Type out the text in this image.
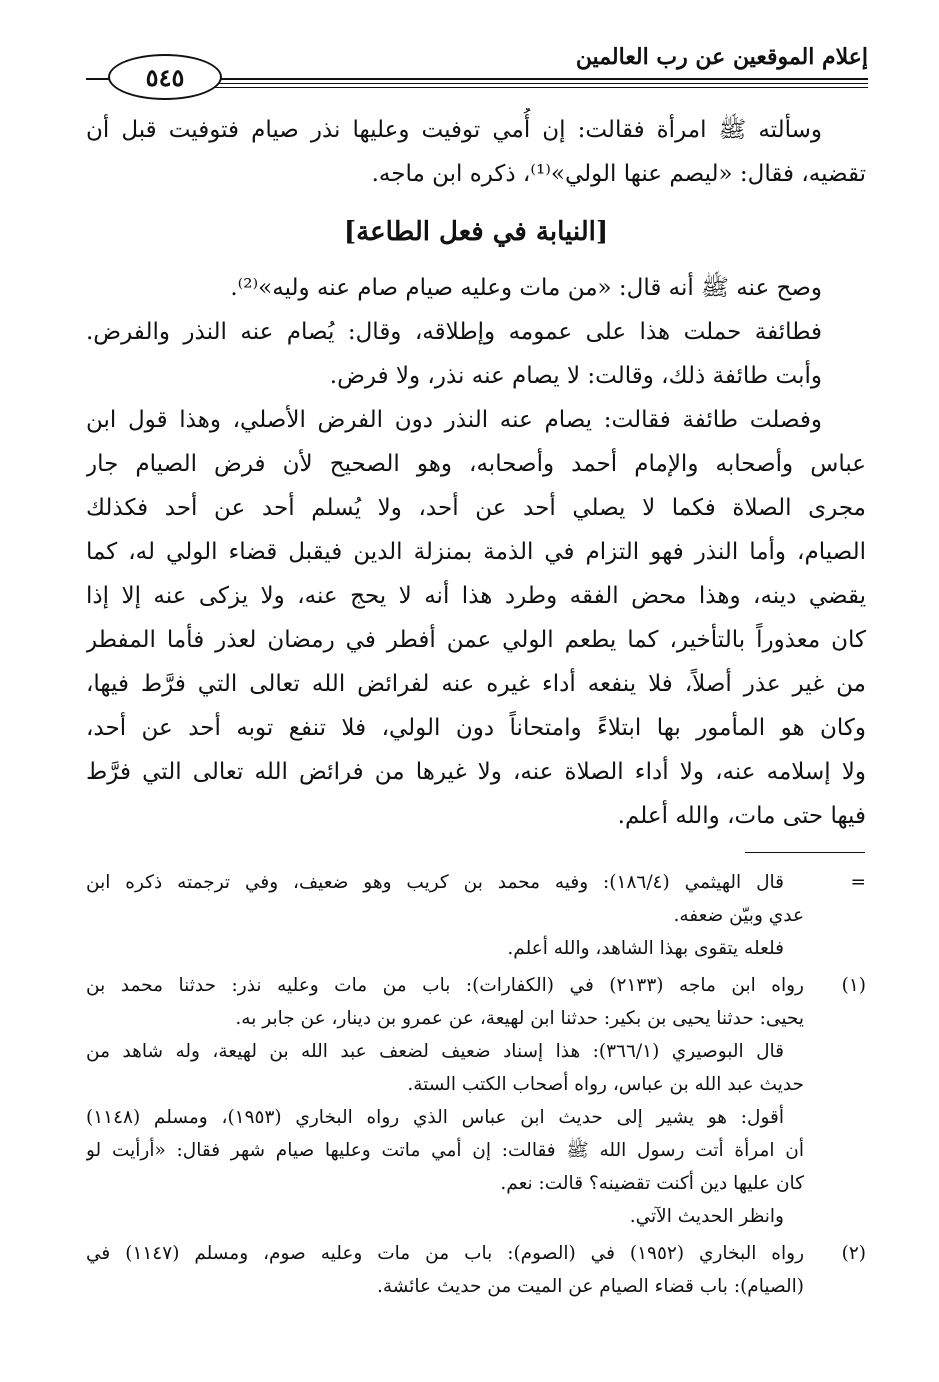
إعلام الموقعين عن رب العالمين
٥٤٥
وسألته ﷺ امرأة فقالت: إن أُمي توفيت وعليها نذر صيام فتوفيت قبل أن
تقضيه، فقال: «ليصم عنها الولي»⁽¹⁾، ذكره ابن ماجه.
[النيابة في فعل الطاعة]
وصح عنه ﷺ أنه قال: «من مات وعليه صيام صام عنه وليه»⁽²⁾.
فطائفة حملت هذا على عمومه وإطلاقه، وقال: يُصام عنه النذر والفرض.
وأبت طائفة ذلك، وقالت: لا يصام عنه نذر، ولا فرض.
وفصلت طائفة فقالت: يصام عنه النذر دون الفرض الأصلي، وهذا قول ابن
عباس وأصحابه والإمام أحمد وأصحابه، وهو الصحيح لأن فرض الصيام جار
مجرى الصلاة فكما لا يصلي أحد عن أحد، ولا يُسلم أحد عن أحد فكذلك
الصيام، وأما النذر فهو التزام في الذمة بمنزلة الدين فيقبل قضاء الولي له، كما
يقضي دينه، وهذا محض الفقه وطرد هذا أنه لا يحج عنه، ولا يزكى عنه إلا إذا
كان معذوراً بالتأخير، كما يطعم الولي عمن أفطر في رمضان لعذر فأما المفطر
من غير عذر أصلاً، فلا ينفعه أداء غيره عنه لفرائض الله تعالى التي فرَّط فيها،
وكان هو المأمور بها ابتلاءً وامتحاناً دون الولي، فلا تنفع توبه أحد عن أحد،
ولا إسلامه عنه، ولا أداء الصلاة عنه، ولا غيرها من فرائض الله تعالى التي فرَّط
فيها حتى مات، والله أعلم.
=
قال الهيثمي (١٨٦/٤): وفيه محمد بن كريب وهو ضعيف، وفي ترجمته ذكره ابن
عدي وبيّن ضعفه.
فلعله يتقوى بهذا الشاهد، والله أعلم.
(١)
رواه ابن ماجه (٢١٣٣) في (الكفارات): باب من مات وعليه نذر: حدثنا محمد بن
يحيى: حدثنا يحيى بن بكير: حدثنا ابن لهيعة، عن عمرو بن دينار، عن جابر به.
قال البوصيري (٣٦٦/١): هذا إسناد ضعيف لضعف عبد الله بن لهيعة، وله شاهد من
حديث عبد الله بن عباس، رواه أصحاب الكتب الستة.
أقول: هو يشير إلى حديث ابن عباس الذي رواه البخاري (١٩٥٣)، ومسلم (١١٤٨)
أن امرأة أتت رسول الله ﷺ فقالت: إن أمي ماتت وعليها صيام شهر فقال: «أرأيت لو
كان عليها دين أكنت تقضينه؟ قالت: نعم.
وانظر الحديث الآتي.
(٢)
رواه البخاري (١٩٥٢) في (الصوم): باب من مات وعليه صوم، ومسلم (١١٤٧) في
(الصيام): باب قضاء الصيام عن الميت من حديث عائشة.
